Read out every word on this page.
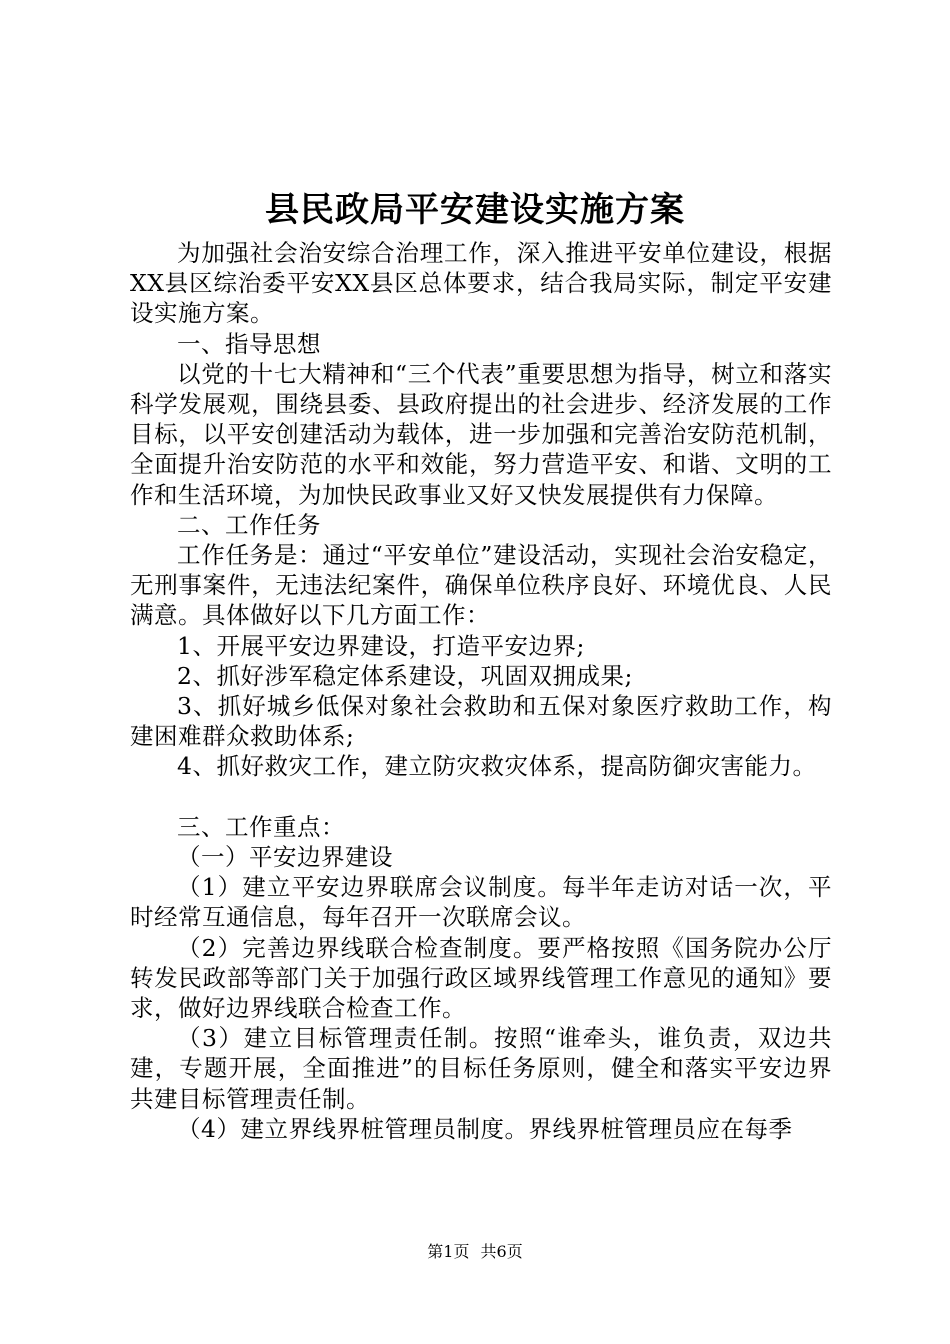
县民政局平安建设实施方案

为加强社会治安综合治理工作，深入推进平安单位建设，根据XX县区综治委平安XX县区总体要求，结合我局实际，制定平安建设实施方案。

一、指导思想

以党的十七大精神和“三个代表”重要思想为指导，树立和落实科学发展观，围绕县委、县政府提出的社会进步、经济发展的工作目标，以平安创建活动为载体，进一步加强和完善治安防范机制，全面提升治安防范的水平和效能，努力营造平安、和谐、文明的工作和生活环境，为加快民政事业又好又快发展提供有力保障。

二、工作任务

工作任务是：通过“平安单位”建设活动，实现社会治安稳定，无刑事案件，无违法纪案件，确保单位秩序良好、环境优良、人民满意。具体做好以下几方面工作：

1、开展平安边界建设，打造平安边界;

2、抓好涉军稳定体系建设，巩固双拥成果;

3、抓好城乡低保对象社会救助和五保对象医疗救助工作，构建困难群众救助体系;

4、抓好救灾工作，建立防灾救灾体系，提高防御灾害能力。

三、工作重点：

（一）平安边界建设

（1）建立平安边界联席会议制度。每半年走访对话一次，平时经常互通信息，每年召开一次联席会议。

（2）完善边界线联合检查制度。要严格按照《国务院办公厅转发民政部等部门关于加强行政区域界线管理工作意见的通知》要求，做好边界线联合检查工作。

（3）建立目标管理责任制。按照“谁牵头，谁负责，双边共建，专题开展，全面推进”的目标任务原则，健全和落实平安边界共建目标管理责任制。

（4）建立界线界桩管理员制度。界线界桩管理员应在每季

第1页 共6页
